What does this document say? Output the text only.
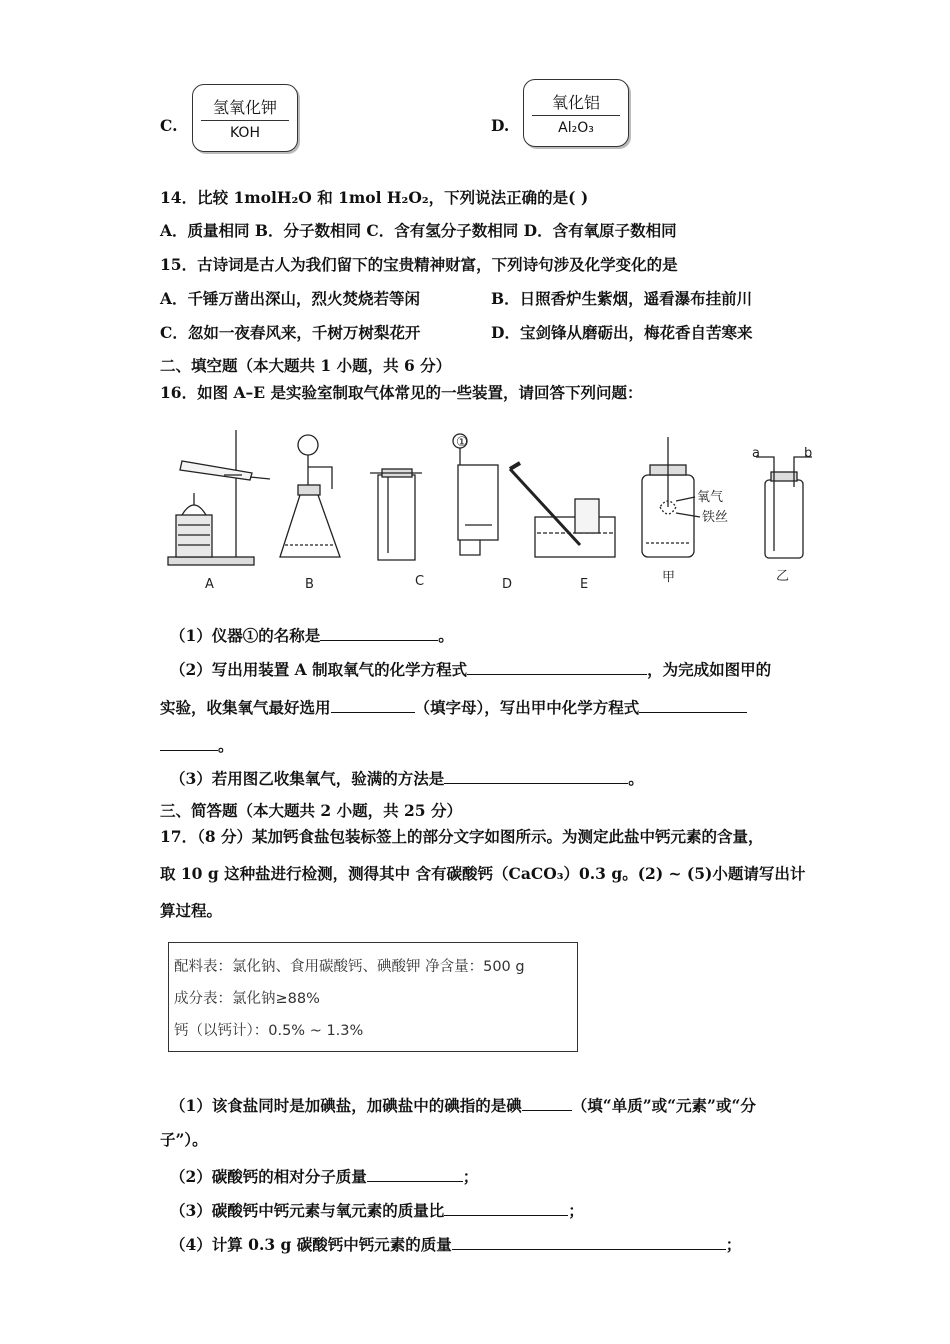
C.
氢氧化钾
KOH	D.
氧化铝
Al₂O₃
14．比较 1molH₂O 和 1mol H₂O₂，下列说法正确的是( )
A．质量相同 B．分子数相同 C．含有氢分子数相同 D．含有氧原子数相同
15．古诗词是古人为我们留下的宝贵精神财富，下列诗句涉及化学变化的是
A．千锤万凿出深山，烈火焚烧若等闲	B．日照香炉生紫烟，遥看瀑布挂前川
C．忽如一夜春风来，千树万树梨花开	D．宝剑锋从磨砺出，梅花香自苦寒来
二、填空题（本大题共 1 小题，共 6 分）
16．如图 A–E 是实验室制取气体常见的一些装置，请回答下列问题：
①
氧气
铁丝
a	b
A	B	C	D	E	甲	乙
（1）仪器①的名称是	。
（2）写出用装置 A 制取氧气的化学方程式	，为完成如图甲的
实验，收集氧气最好选用	（填字母），写出甲中化学方程式
。
（3）若用图乙收集氧气，验满的方法是	。
三、简答题（本大题共 2 小题，共 25 分）
17．（8 分）某加钙食盐包装标签上的部分文字如图所示。为测定此盐中钙元素的含量，
取 10 g 这种盐进行检测，测得其中 含有碳酸钙（CaCO₃）0.3 g。(2) ~ (5)小题请写出计
算过程。
配料表：氯化钠、食用碳酸钙、碘酸钾 净含量：500 g
成分表：氯化钠≥88%
钙（以钙计）：0.5% ~ 1.3%
（1）该食盐同时是加碘盐，加碘盐中的碘指的是碘	（填“单质”或“元素”或“分
子”）。
（2）碳酸钙的相对分子质量	；
（3）碳酸钙中钙元素与氧元素的质量比	；
（4）计算 0.3 g 碳酸钙中钙元素的质量	；
